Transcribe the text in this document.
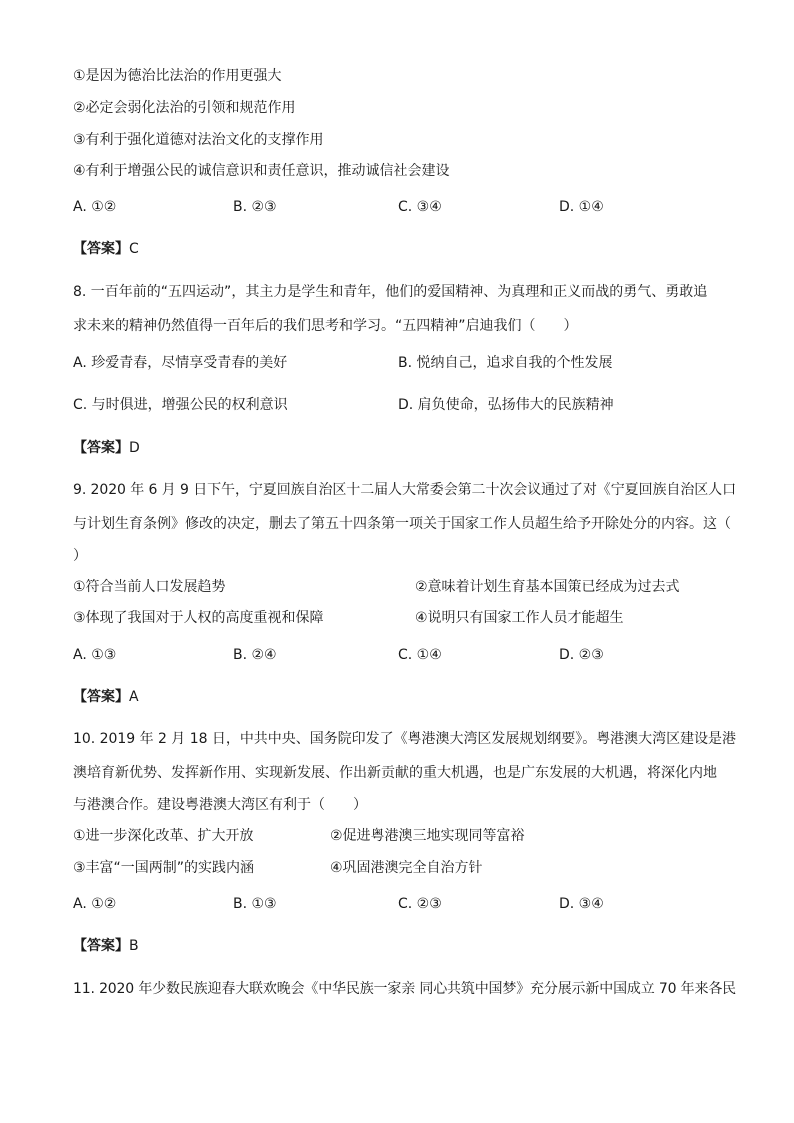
①是因为德治比法治的作用更强大
②必定会弱化法治的引领和规范作用
③有利于强化道德对法治文化的支撑作用
④有利于增强公民的诚信意识和责任意识，推动诚信社会建设
A. ①②	B. ②③	C. ③④	D. ①④
【答案】C
8. 一百年前的“五四运动”，其主力是学生和青年，他们的爱国精神、为真理和正义而战的勇气、勇敢追
求未来的精神仍然值得一百年后的我们思考和学习。“五四精神”启迪我们（　　）
A. 珍爱青春，尽情享受青春的美好	B. 悦纳自己，追求自我的个性发展
C. 与时俱进，增强公民的权利意识	D. 肩负使命，弘扬伟大的民族精神
【答案】D
9. 2020 年 6 月 9 日下午，宁夏回族自治区十二届人大常委会第二十次会议通过了对《宁夏回族自治区人口
与计划生育条例》修改的决定，删去了第五十四条第一项关于国家工作人员超生给予开除处分的内容。这（
）
①符合当前人口发展趋势	②意味着计划生育基本国策已经成为过去式
③体现了我国对于人权的高度重视和保障	④说明只有国家工作人员才能超生
A. ①③	B. ②④	C. ①④	D. ②③
【答案】A
10. 2019 年 2 月 18 日，中共中央、国务院印发了《粤港澳大湾区发展规划纲要》。粤港澳大湾区建设是港
澳培育新优势、发挥新作用、实现新发展、作出新贡献的重大机遇，也是广东发展的大机遇，将深化内地
与港澳合作。建设粤港澳大湾区有利于（　　）
①进一步深化改革、扩大开放	②促进粤港澳三地实现同等富裕
③丰富“一国两制”的实践内涵	④巩固港澳完全自治方针
A. ①②	B. ①③	C. ②③	D. ③④
【答案】B
11. 2020 年少数民族迎春大联欢晚会《中华民族一家亲 同心共筑中国梦》充分展示新中国成立 70 年来各民
